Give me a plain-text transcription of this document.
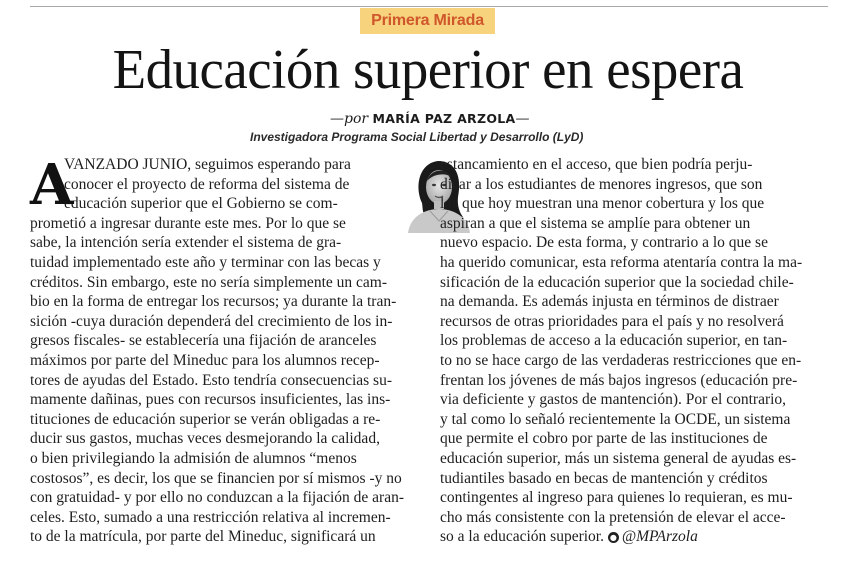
Primera Mirada
Educación superior en espera
—por MARÍA PAZ ARZOLA—
Investigadora Programa Social Libertad y Desarrollo (LyD)
A
VANZADO JUNIO, seguimos esperando para
conocer el proyecto de reforma del sistema de
educación superior que el Gobierno se com-
prometió a ingresar durante este mes. Por lo que se
sabe, la intención sería extender el sistema de gra-
tuidad implementado este año y terminar con las becas y
créditos. Sin embargo, este no sería simplemente un cam-
bio en la forma de entregar los recursos; ya durante la tran-
sición -cuya duración dependerá del crecimiento de los in-
gresos fiscales- se establecería una fijación de aranceles
máximos por parte del Mineduc para los alumnos recep-
tores de ayudas del Estado. Esto tendría consecuencias su-
mamente dañinas, pues con recursos insuficientes, las ins-
tituciones de educación superior se verán obligadas a re-
ducir sus gastos, muchas veces desmejorando la calidad,
o bien privilegiando la admisión de alumnos “menos
costosos”, es decir, los que se financien por sí mismos -y no
con gratuidad- y por ello no conduzcan a la fijación de aran-
celes. Esto, sumado a una restricción relativa al incremen-
to de la matrícula, por parte del Mineduc, significará un
estancamiento en el acceso, que bien podría perju-
dicar a los estudiantes de menores ingresos, que son
los que hoy muestran una menor cobertura y los que
aspiran a que el sistema se amplíe para obtener un
nuevo espacio. De esta forma, y contrario a lo que se
ha querido comunicar, esta reforma atentaría contra la ma-
sificación de la educación superior que la sociedad chile-
na demanda. Es además injusta en términos de distraer
recursos de otras prioridades para el país y no resolverá
los problemas de acceso a la educación superior, en tan-
to no se hace cargo de las verdaderas restricciones que en-
frentan los jóvenes de más bajos ingresos (educación pre-
via deficiente y gastos de mantención). Por el contrario,
y tal como lo señaló recientemente la OCDE, un sistema
que permite el cobro por parte de las instituciones de
educación superior, más un sistema general de ayudas es-
tudiantiles basado en becas de mantención y créditos
contingentes al ingreso para quienes lo requieran, es mu-
cho más consistente con la pretensión de elevar el acce-
so a la educación superior. ● @MPArzola
